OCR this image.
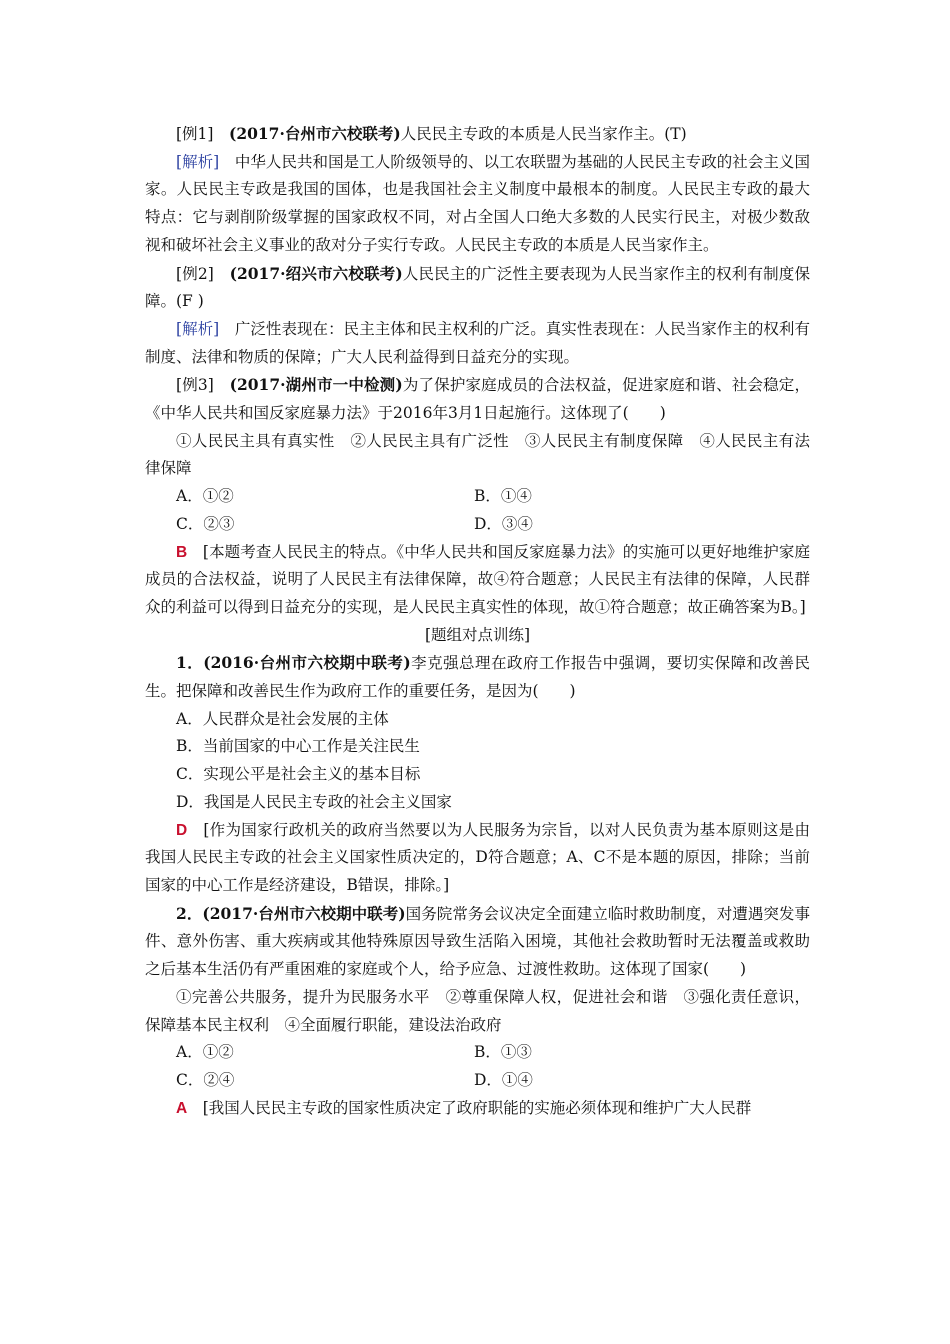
[例1]　 (2017·台州市六校联考)人民民主专政的本质是人民当家作主。(T)

[解析]　 中华人民共和国是工人阶级领导的、以工农联盟为基础的人民民主专政的社会主义国家。人民民主专政是我国的国体，也是我国社会主义制度中最根本的制度。人民民主专政的最大特点：它与剥削阶级掌握的国家政权不同，对占全国人口绝大多数的人民实行民主，对极少数敌视和破坏社会主义事业的敌对分子实行专政。人民民主专政的本质是人民当家作主。

[例2]　 (2017·绍兴市六校联考)人民民主的广泛性主要表现为人民当家作主的权利有制度保障。(F )

[解析]　 广泛性表现在：民主主体和民主权利的广泛。真实性表现在：人民当家作主的权利有制度、法律和物质的保障；广大人民利益得到日益充分的实现。

[例3]　 (2017·湖州市一中检测)为了保护家庭成员的合法权益，促进家庭和谐、社会稳定，《中华人民共和国反家庭暴力法》于2016年3月1日起施行。这体现了(　　)

①人民民主具有真实性　②人民民主具有广泛性　③人民民主有制度保障　④人民民主有法律保障

A．①②	B．①④
C．②③	D．③④

B　 [本题考查人民民主的特点。《中华人民共和国反家庭暴力法》的实施可以更好地维护家庭成员的合法权益，说明了人民民主有法律保障，故④符合题意；人民民主有法律的保障，人民群众的利益可以得到日益充分的实现，是人民民主真实性的体现，故①符合题意；故正确答案为B。]

[题组对点训练]

1．(2016·台州市六校期中联考)李克强总理在政府工作报告中强调，要切实保障和改善民生。把保障和改善民生作为政府工作的重要任务，是因为(　　)

A．人民群众是社会发展的主体

B．当前国家的中心工作是关注民生

C．实现公平是社会主义的基本目标

D．我国是人民民主专政的社会主义国家

D　 [作为国家行政机关的政府当然要以为人民服务为宗旨，以对人民负责为基本原则这是由我国人民民主专政的社会主义国家性质决定的，D符合题意；A、C不是本题的原因，排除；当前国家的中心工作是经济建设，B错误，排除。]

2．(2017·台州市六校期中联考)国务院常务会议决定全面建立临时救助制度，对遭遇突发事件、意外伤害、重大疾病或其他特殊原因导致生活陷入困境，其他社会救助暂时无法覆盖或救助之后基本生活仍有严重困难的家庭或个人，给予应急、过渡性救助。这体现了国家(　　)

①完善公共服务，提升为民服务水平　②尊重保障人权，促进社会和谐　③强化责任意识，保障基本民主权利　④全面履行职能，建设法治政府

A．①②	B．①③
C．②④	D．①④

A　 [我国人民民主专政的国家性质决定了政府职能的实施必须体现和维护广大人民群
